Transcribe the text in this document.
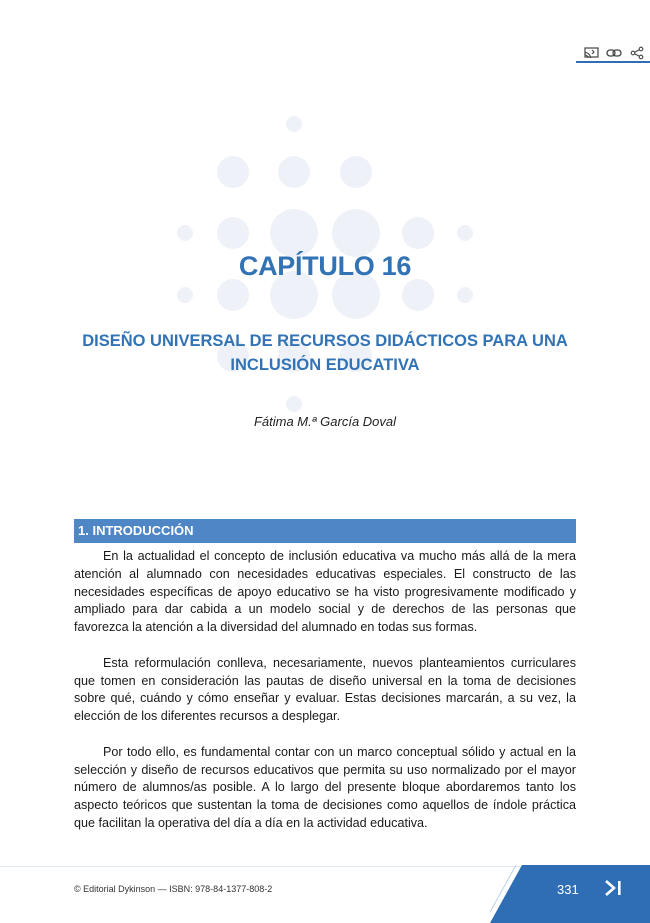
CAPÍTULO 16
DISEÑO UNIVERSAL DE RECURSOS DIDÁCTICOS PARA UNA INCLUSIÓN EDUCATIVA
Fátima M.ª García Doval
1. INTRODUCCIÓN

En la actualidad el concepto de inclusión educativa va mucho más allá de la mera atención al alumnado con necesidades educativas especiales. El constructo de las necesidades específicas de apoyo educativo se ha visto progresivamente modificado y ampliado para dar cabida a un modelo social y de derechos de las personas que favorezca la atención a la diversidad del alumnado en todas sus formas.

Esta reformulación conlleva, necesariamente, nuevos planteamientos curriculares que tomen en consideración las pautas de diseño universal en la toma de decisiones sobre qué, cuándo y cómo enseñar y evaluar. Estas decisiones marcarán, a su vez, la elección de los diferentes recursos a desplegar.

Por todo ello, es fundamental contar con un marco conceptual sólido y actual en la selección y diseño de recursos educativos que permita su uso normalizado por el mayor número de alumnos/as posible. A lo largo del presente bloque abordaremos tanto los aspecto teóricos que sustentan la toma de decisiones como aquellos de índole práctica que facilitan la operativa del día a día en la actividad educativa.

© Editorial Dykinson — ISBN: 978-84-1377-808-2	331
